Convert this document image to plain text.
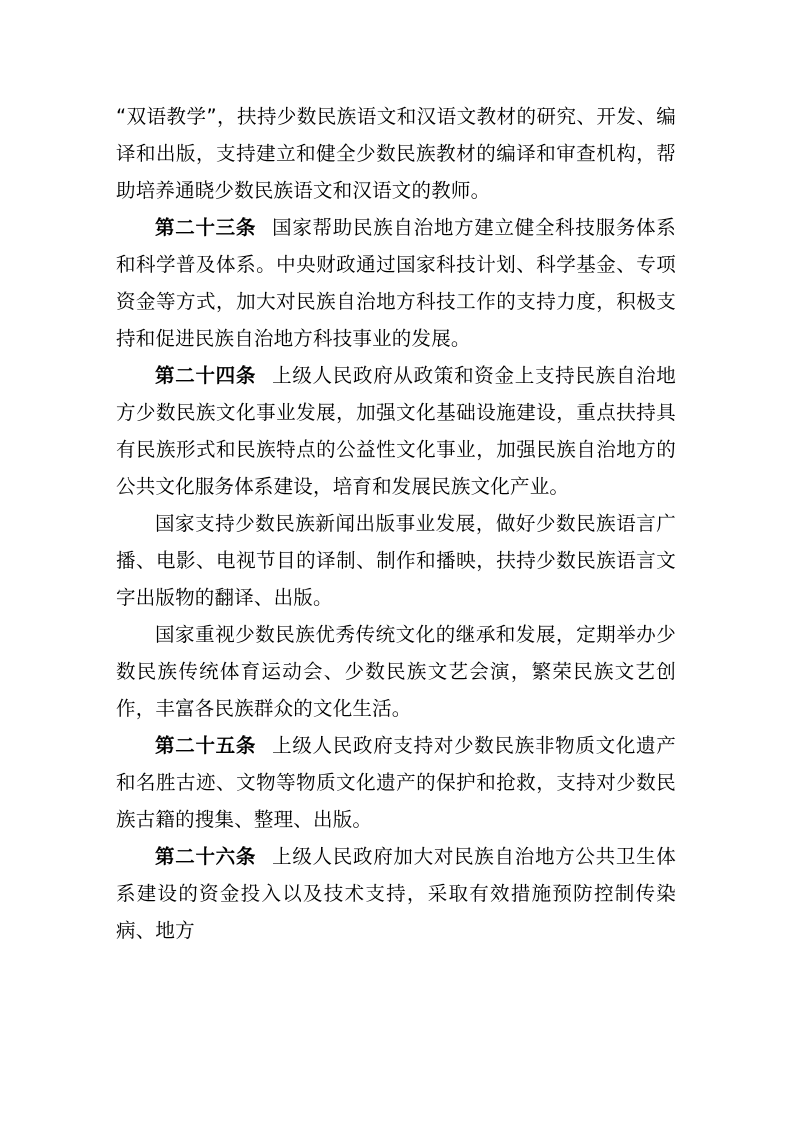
“双语教学”，扶持少数民族语文和汉语文教材的研究、开发、编译和出版，支持建立和健全少数民族教材的编译和审查机构，帮助培养通晓少数民族语文和汉语文的教师。

第二十三条 国家帮助民族自治地方建立健全科技服务体系和科学普及体系。中央财政通过国家科技计划、科学基金、专项资金等方式，加大对民族自治地方科技工作的支持力度，积极支持和促进民族自治地方科技事业的发展。

第二十四条 上级人民政府从政策和资金上支持民族自治地方少数民族文化事业发展，加强文化基础设施建设，重点扶持具有民族形式和民族特点的公益性文化事业，加强民族自治地方的公共文化服务体系建设，培育和发展民族文化产业。

国家支持少数民族新闻出版事业发展，做好少数民族语言广播、电影、电视节目的译制、制作和播映，扶持少数民族语言文字出版物的翻译、出版。

国家重视少数民族优秀传统文化的继承和发展，定期举办少数民族传统体育运动会、少数民族文艺会演，繁荣民族文艺创作，丰富各民族群众的文化生活。

第二十五条 上级人民政府支持对少数民族非物质文化遗产和名胜古迹、文物等物质文化遗产的保护和抢救，支持对少数民族古籍的搜集、整理、出版。

第二十六条 上级人民政府加大对民族自治地方公共卫生体系建设的资金投入以及技术支持，采取有效措施预防控制传染病、地方
